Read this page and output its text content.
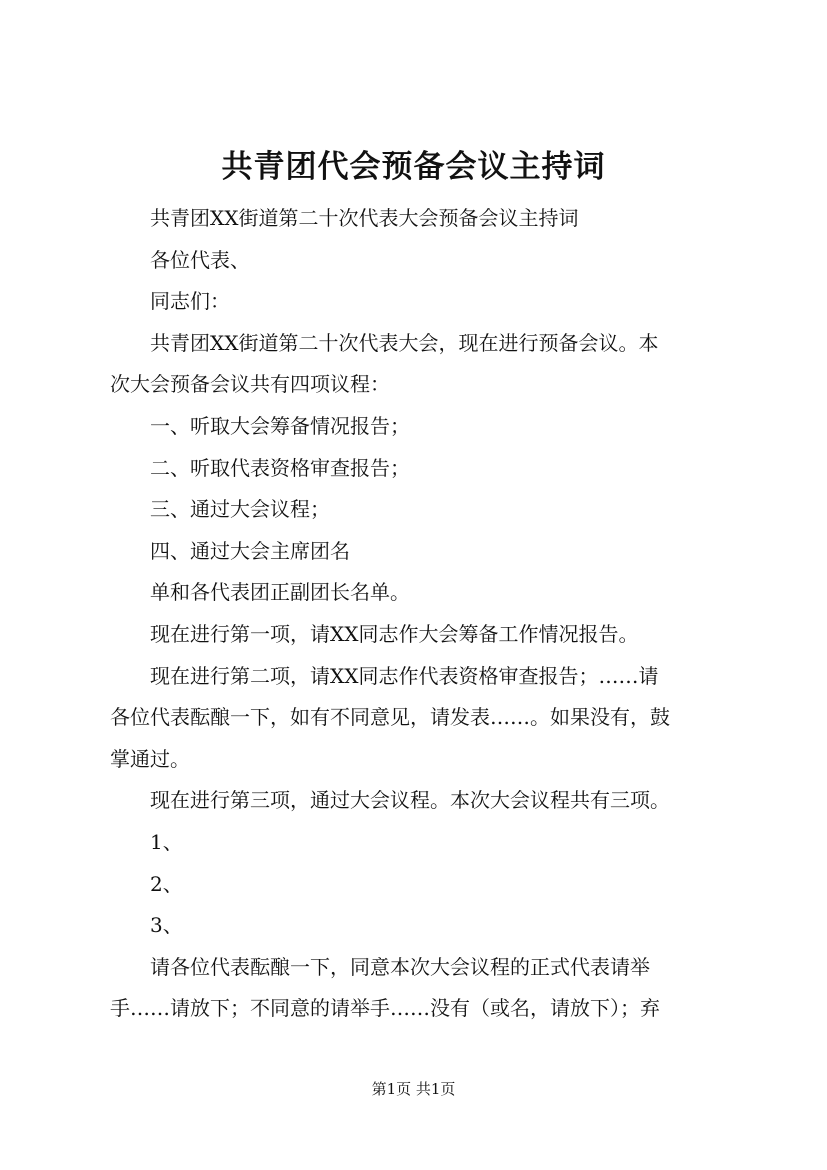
共青团代会预备会议主持词

共青团XX街道第二十次代表大会预备会议主持词

各位代表、

同志们：

共青团XX街道第二十次代表大会，现在进行预备会议。本

次大会预备会议共有四项议程：

一、听取大会筹备情况报告；

二、听取代表资格审查报告；

三、通过大会议程；

四、通过大会主席团名

单和各代表团正副团长名单。

现在进行第一项，请XX同志作大会筹备工作情况报告。

现在进行第二项，请XX同志作代表资格审查报告；……请

各位代表酝酿一下，如有不同意见，请发表……。如果没有，鼓

掌通过。

现在进行第三项，通过大会议程。本次大会议程共有三项。

1、

2、

3、

请各位代表酝酿一下，同意本次大会议程的正式代表请举

手……请放下；不同意的请举手……没有（或名，请放下）；弃

第1页 共1页
